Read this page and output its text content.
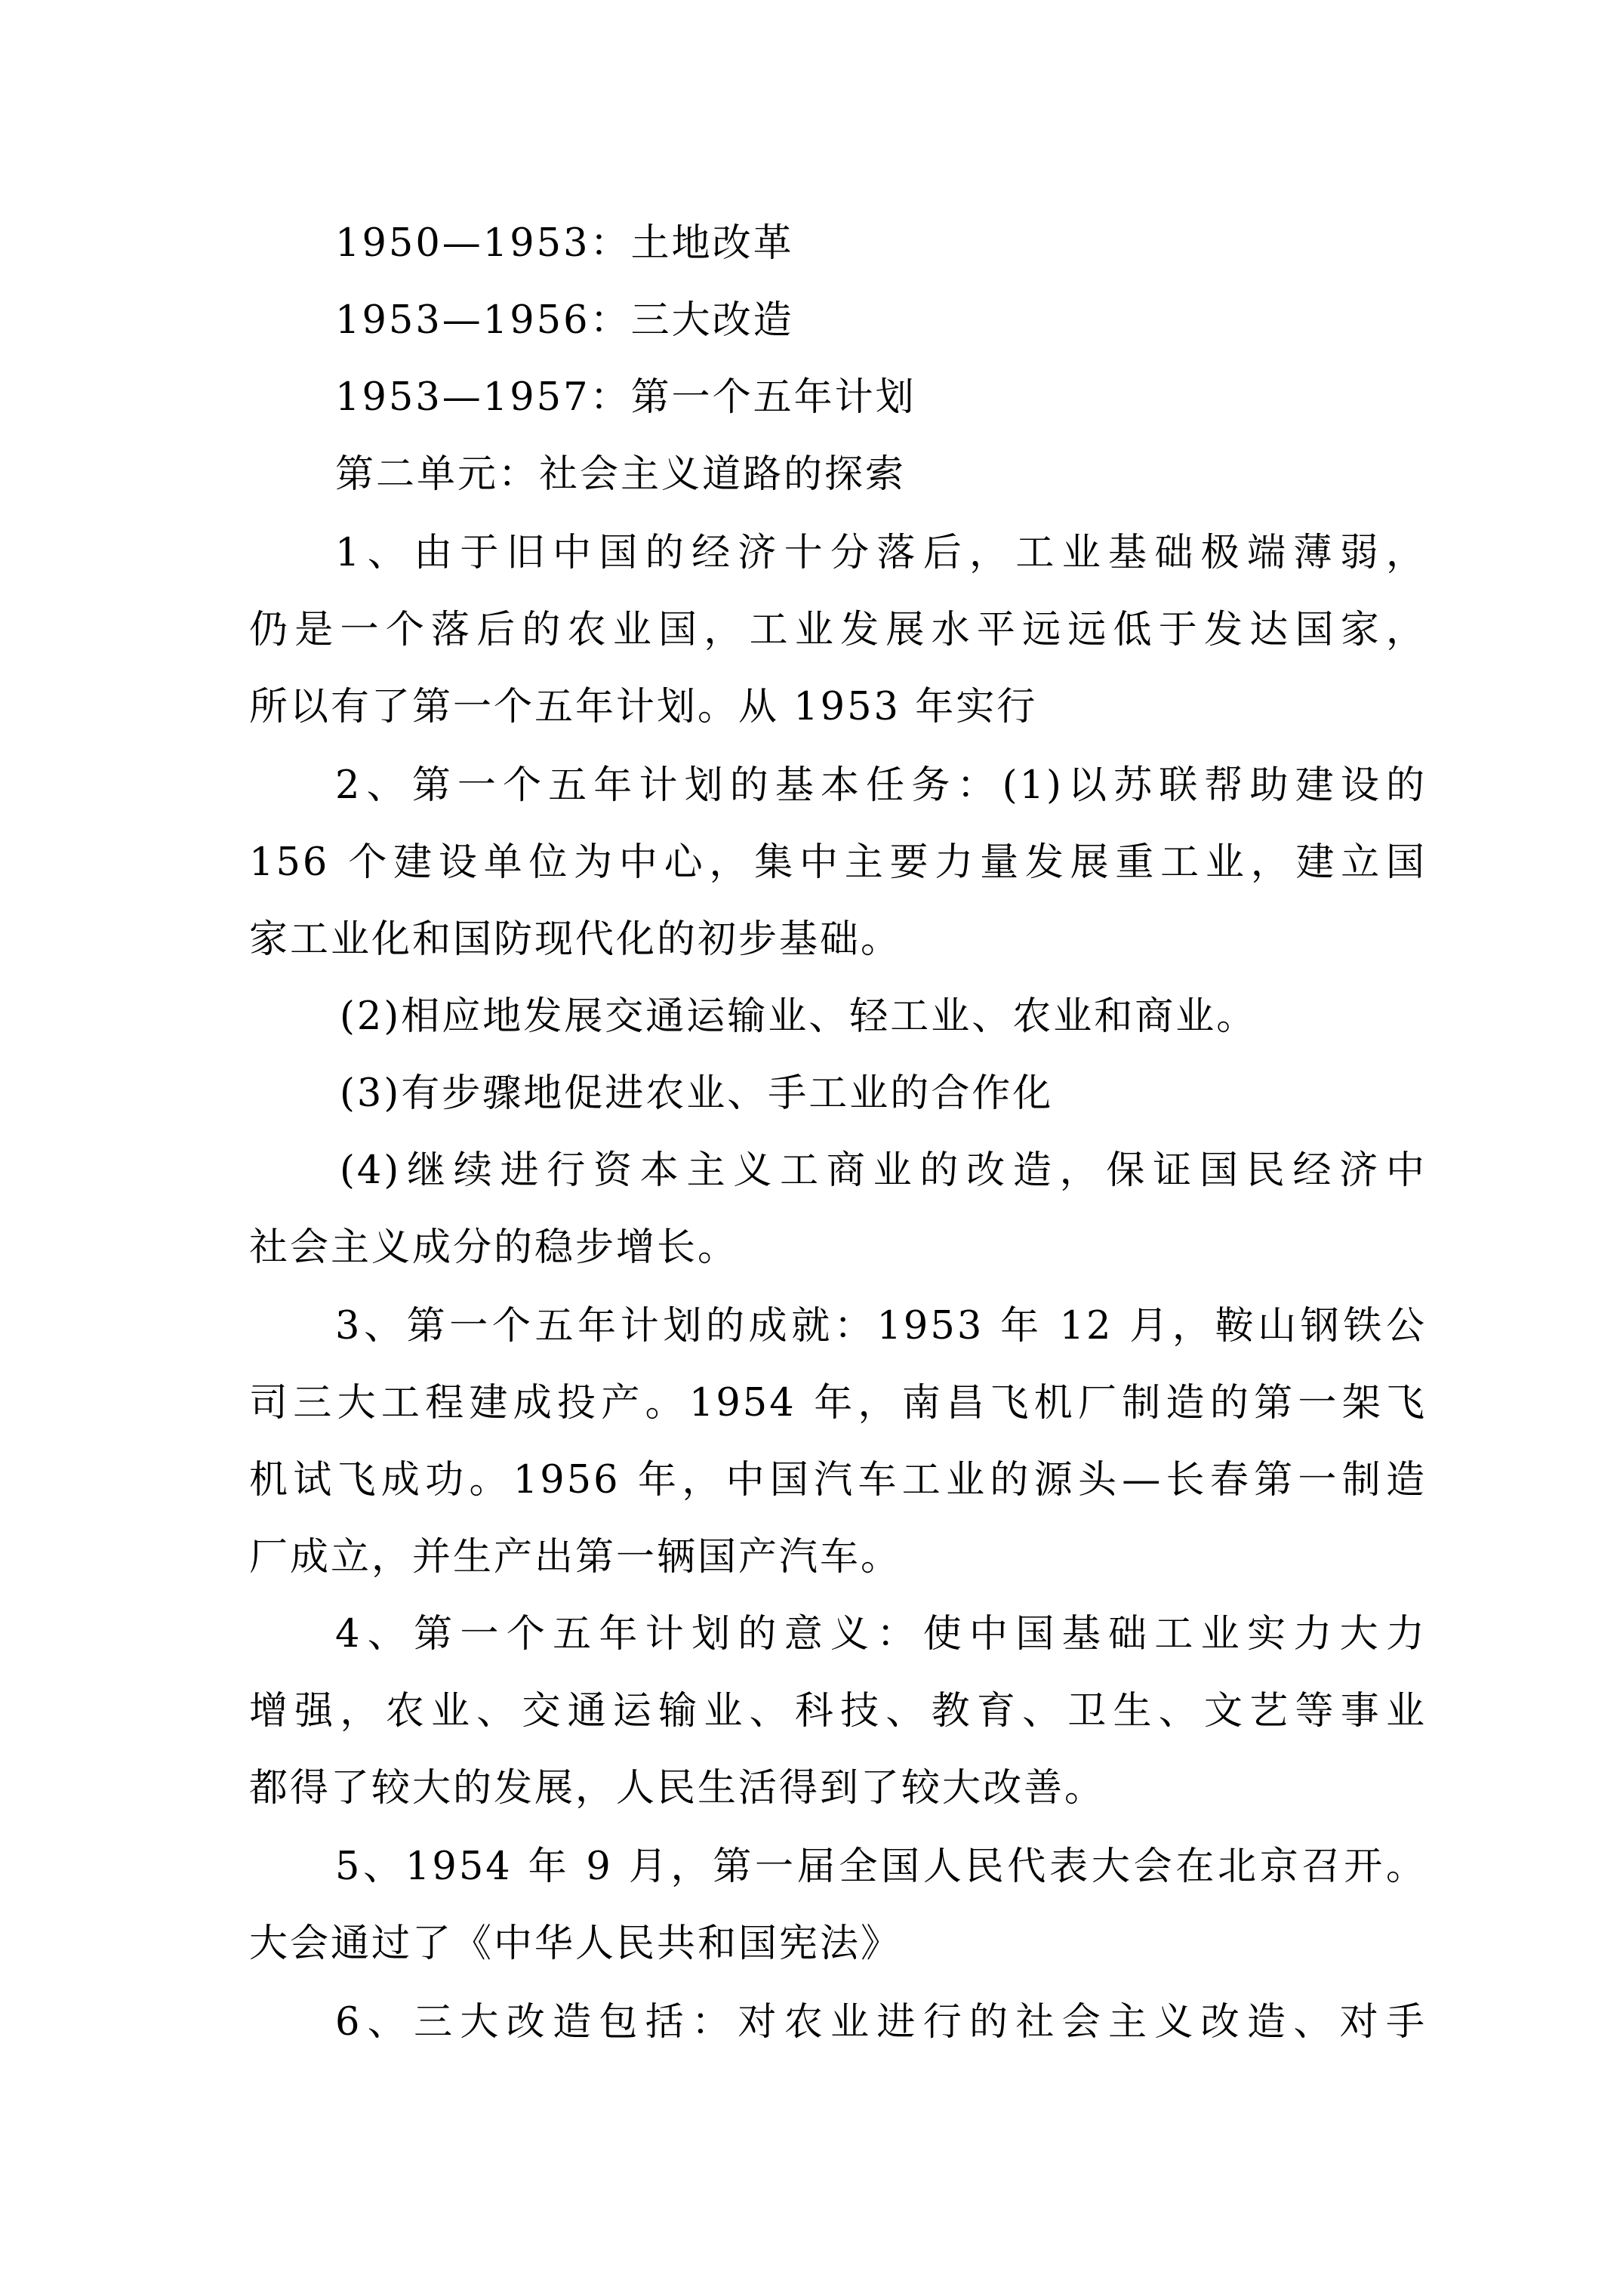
1950—1953：土地改革
1953—1956：三大改造
1953—1957：第一个五年计划
第二单元：社会主义道路的探索
1、由于旧中国的经济十分落后，工业基础极端薄弱，
仍是一个落后的农业国，工业发展水平远远低于发达国家，
所以有了第一个五年计划。从 1953 年实行
2、第一个五年计划的基本任务：(1)以苏联帮助建设的
156 个建设单位为中心，集中主要力量发展重工业，建立国
家工业化和国防现代化的初步基础。
(2)相应地发展交通运输业、轻工业、农业和商业。
(3)有步骤地促进农业、手工业的合作化
(4)继续进行资本主义工商业的改造，保证国民经济中
社会主义成分的稳步增长。
3、第一个五年计划的成就：1953 年 12 月，鞍山钢铁公
司三大工程建成投产。1954 年，南昌飞机厂制造的第一架飞
机试飞成功。1956 年，中国汽车工业的源头—长春第一制造
厂成立，并生产出第一辆国产汽车。
4、第一个五年计划的意义：使中国基础工业实力大力
增强，农业、交通运输业、科技、教育、卫生、文艺等事业
都得了较大的发展，人民生活得到了较大改善。
5、1954 年 9 月，第一届全国人民代表大会在北京召开。
大会通过了《中华人民共和国宪法》
6、三大改造包括：对农业进行的社会主义改造、对手
